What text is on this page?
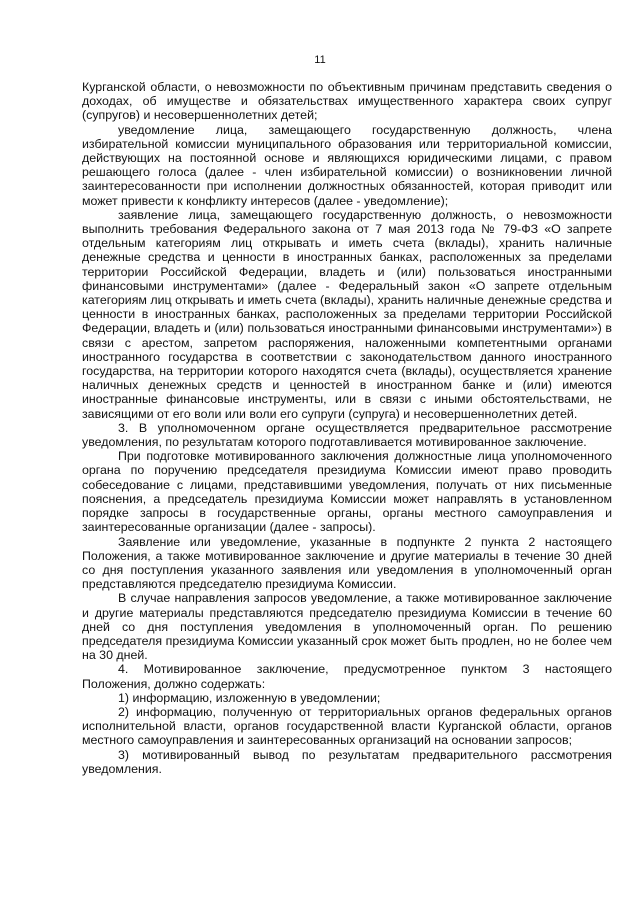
11

Курганской области, о невозможности по объективным причинам представить сведения о доходах, об имуществе и обязательствах имущественного характера своих супруг (супругов) и несовершеннолетних детей;

уведомление лица, замещающего государственную должность, члена избирательной комиссии муниципального образования или территориальной комиссии, действующих на постоянной основе и являющихся юридическими лицами, с правом решающего голоса (далее - член избирательной комиссии) о возникновении личной заинтересованности при исполнении должностных обязанностей, которая приводит или может привести к конфликту интересов (далее - уведомление);

заявление лица, замещающего государственную должность, о невозможности выполнить требования Федерального закона от 7 мая 2013 года № 79-ФЗ «О запрете отдельным категориям лиц открывать и иметь счета (вклады), хранить наличные денежные средства и ценности в иностранных банках, расположенных за пределами территории Российской Федерации, владеть и (или) пользоваться иностранными финансовыми инструментами» (далее - Федеральный закон «О запрете отдельным категориям лиц открывать и иметь счета (вклады), хранить наличные денежные средства и ценности в иностранных банках, расположенных за пределами территории Российской Федерации, владеть и (или) пользоваться иностранными финансовыми инструментами») в связи с арестом, запретом распоряжения, наложенными компетентными органами иностранного государства в соответствии с законодательством данного иностранного государства, на территории которого находятся счета (вклады), осуществляется хранение наличных денежных средств и ценностей в иностранном банке и (или) имеются иностранные финансовые инструменты, или в связи с иными обстоятельствами, не зависящими от его воли или воли его супруги (супруга) и несовершеннолетних детей.

3. В уполномоченном органе осуществляется предварительное рассмотрение уведомления, по результатам которого подготавливается мотивированное заключение.

При подготовке мотивированного заключения должностные лица уполномоченного органа по поручению председателя президиума Комиссии имеют право проводить собеседование с лицами, представившими уведомления, получать от них письменные пояснения, а председатель президиума Комиссии может направлять в установленном порядке запросы в государственные органы, органы местного самоуправления и заинтересованные организации (далее - запросы).

Заявление или уведомление, указанные в подпункте 2 пункта 2 настоящего Положения, а также мотивированное заключение и другие материалы в течение 30 дней со дня поступления указанного заявления или уведомления в уполномоченный орган представляются председателю президиума Комиссии.

В случае направления запросов уведомление, а также мотивированное заключение и другие материалы представляются председателю президиума Комиссии в течение 60 дней со дня поступления уведомления в уполномоченный орган. По решению председателя президиума Комиссии указанный срок может быть продлен, но не более чем на 30 дней.

4. Мотивированное заключение, предусмотренное пунктом 3 настоящего Положения, должно содержать:

1) информацию, изложенную в уведомлении;

2) информацию, полученную от территориальных органов федеральных органов исполнительной власти, органов государственной власти Курганской области, органов местного самоуправления и заинтересованных организаций на основании запросов;

3) мотивированный вывод по результатам предварительного рассмотрения уведомления.
